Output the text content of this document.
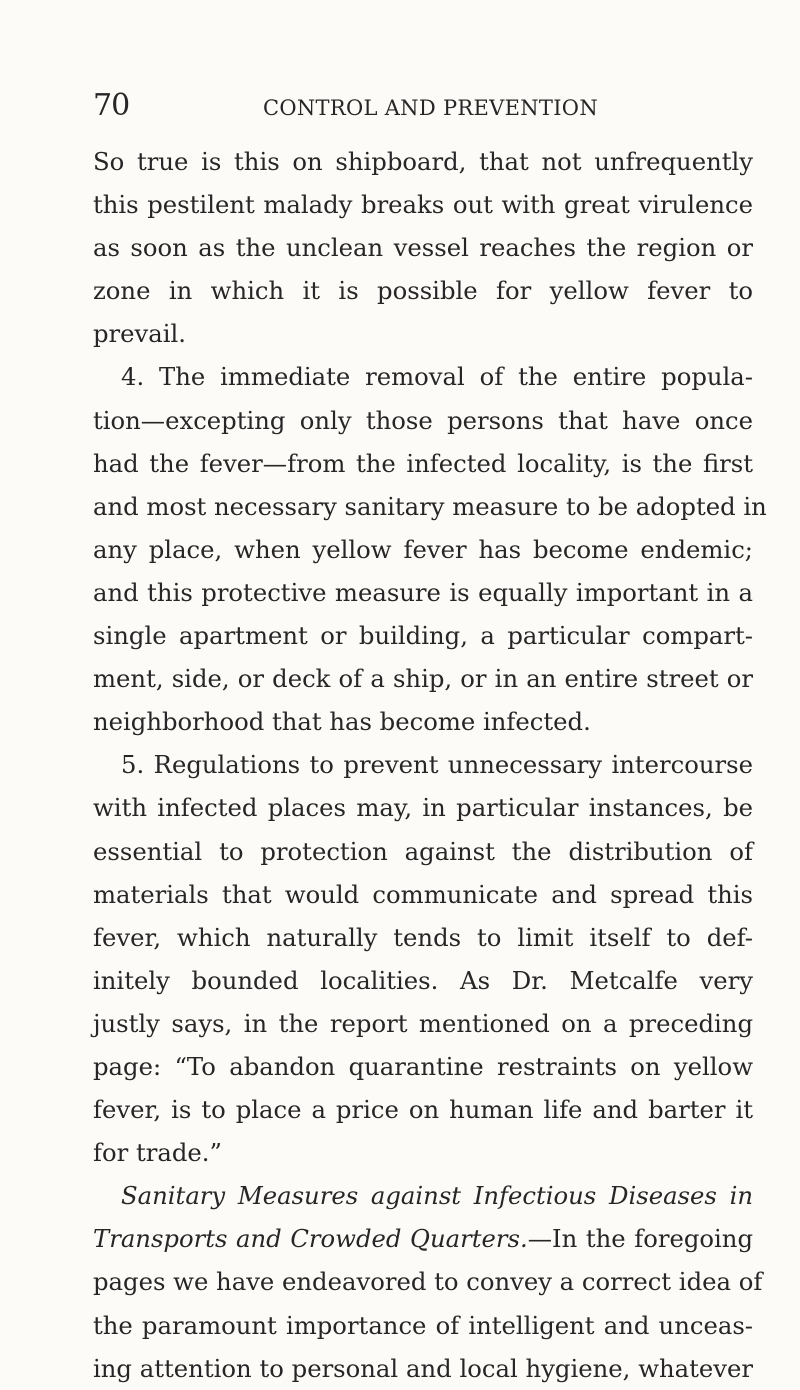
70	CONTROL AND PREVENTION
So true is this on shipboard, that not unfrequently
this pestilent malady breaks out with great virulence
as soon as the unclean vessel reaches the region or
zone in which it is possible for yellow fever to
prevail.
4. The immediate removal of the entire popula-
tion—excepting only those persons that have once
had the fever—from the infected locality, is the first
and most necessary sanitary measure to be adopted in
any place, when yellow fever has become endemic;
and this protective measure is equally important in a
single apartment or building, a particular compart-
ment, side, or deck of a ship, or in an entire street or
neighborhood that has become infected.
5. Regulations to prevent unnecessary intercourse
with infected places may, in particular instances, be
essential to protection against the distribution of
materials that would communicate and spread this
fever, which naturally tends to limit itself to def-
initely bounded localities. As Dr. Metcalfe very
justly says, in the report mentioned on a preceding
page: “To abandon quarantine restraints on yellow
fever, is to place a price on human life and barter it
for trade.”
Sanitary Measures against Infectious Diseases in
Transports and Crowded Quarters.—In the foregoing
pages we have endeavored to convey a correct idea of
the paramount importance of intelligent and unceas-
ing attention to personal and local hygiene, whatever
